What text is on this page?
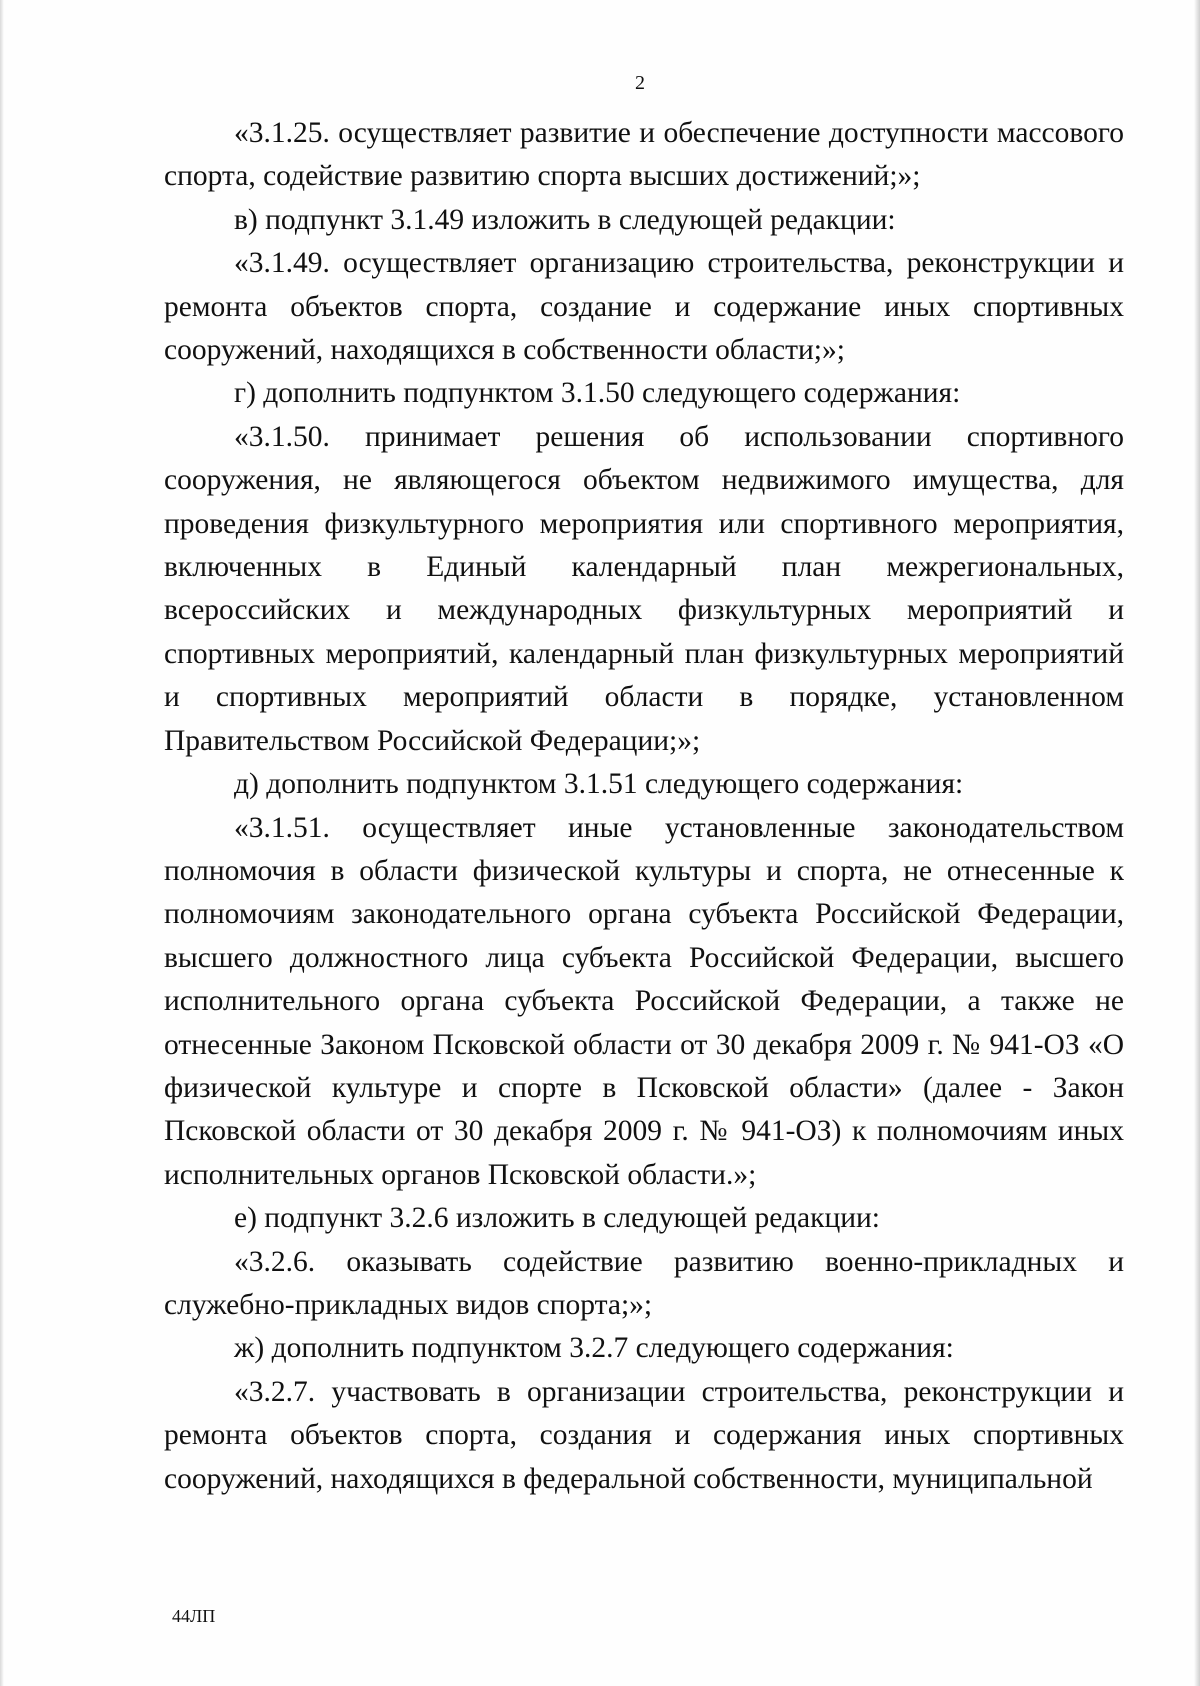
2

«3.1.25. осуществляет развитие и обеспечение доступности массового спорта, содействие развитию спорта высших достижений;»;

в) подпункт 3.1.49 изложить в следующей редакции:

«3.1.49. осуществляет организацию строительства, реконструкции и ремонта объектов спорта, создание и содержание иных спортивных сооружений, находящихся в собственности области;»;

г) дополнить подпунктом 3.1.50 следующего содержания:

«3.1.50. принимает решения об использовании спортивного сооружения, не являющегося объектом недвижимого имущества, для проведения физкультурного мероприятия или спортивного мероприятия, включенных в Единый календарный план межрегиональных, всероссийских и международных физкультурных мероприятий и спортивных мероприятий, календарный план физкультурных мероприятий и спортивных мероприятий области в порядке, установленном Правительством Российской Федерации;»;

д) дополнить подпунктом 3.1.51 следующего содержания:

«3.1.51. осуществляет иные установленные законодательством полномочия в области физической культуры и спорта, не отнесенные к полномочиям законодательного органа субъекта Российской Федерации, высшего должностного лица субъекта Российской Федерации, высшего исполнительного органа субъекта Российской Федерации, а также не отнесенные Законом Псковской области от 30 декабря 2009 г. № 941-ОЗ «О физической культуре и спорте в Псковской области» (далее - Закон Псковской области от 30 декабря 2009 г. № 941-ОЗ) к полномочиям иных исполнительных органов Псковской области.»;

е) подпункт 3.2.6 изложить в следующей редакции:

«3.2.6. оказывать содействие развитию военно-прикладных и служебно-прикладных видов спорта;»;

ж) дополнить подпунктом 3.2.7 следующего содержания:

«3.2.7. участвовать в организации строительства, реконструкции и ремонта объектов спорта, создания и содержания иных спортивных сооружений, находящихся в федеральной собственности, муниципальной

44ЛП
